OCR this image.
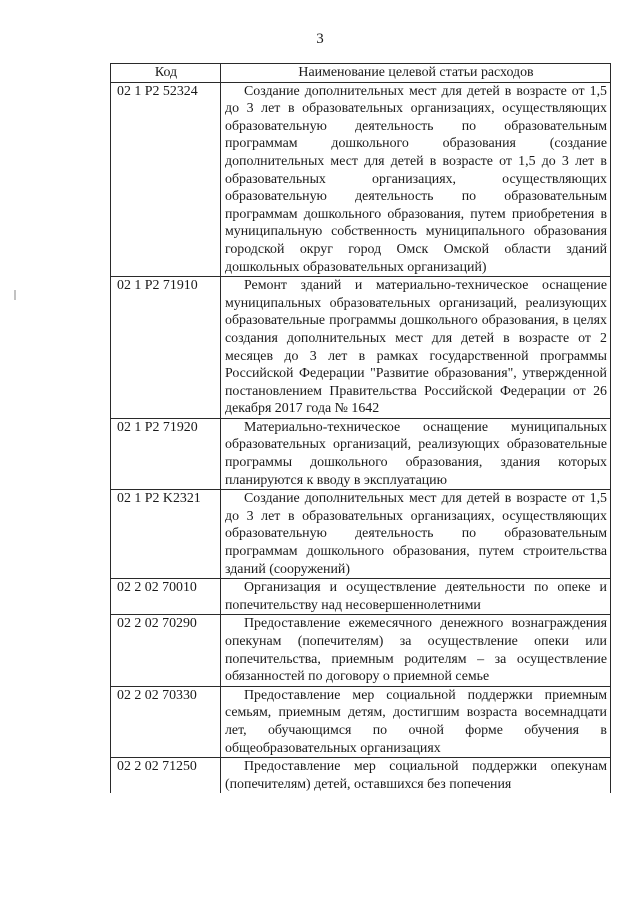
3
Код	Наименование целевой статьи расходов
02 1 P2 52324	Создание дополнительных мест для детей в возрасте от 1,5 до 3 лет в образовательных организациях, осуществляющих образовательную деятельность по образовательным программам дошкольного образования (создание дополнительных мест для детей в возрасте от 1,5 до 3 лет в образовательных организациях, осуществляющих образовательную деятельность по образовательным программам дошкольного образования, путем приобретения в муниципальную собственность муниципального образования городской округ город Омск Омской области зданий дошкольных образовательных организаций)
02 1 P2 71910	Ремонт зданий и материально-техническое оснащение муниципальных образовательных организаций, реализующих образовательные программы дошкольного образования, в целях создания дополнительных мест для детей в возрасте от 2 месяцев до 3 лет в рамках государственной программы Российской Федерации "Развитие образования", утвержденной постановлением Правительства Российской Федерации от 26 декабря 2017 года № 1642
02 1 P2 71920	Материально-техническое оснащение муниципальных образовательных организаций, реализующих образовательные программы дошкольного образования, здания которых планируются к вводу в эксплуатацию
02 1 P2 K2321	Создание дополнительных мест для детей в возрасте от 1,5 до 3 лет в образовательных организациях, осуществляющих образовательную деятельность по образовательным программам дошкольного образования, путем строительства зданий (сооружений)
02 2 02 70010	Организация и осуществление деятельности по опеке и попечительству над несовершеннолетними
02 2 02 70290	Предоставление ежемесячного денежного вознаграждения опекунам (попечителям) за осуществление опеки или попечительства, приемным родителям – за осуществление обязанностей по договору о приемной семье
02 2 02 70330	Предоставление мер социальной поддержки приемным семьям, приемным детям, достигшим возраста восемнадцати лет, обучающимся по очной форме обучения в общеобразовательных организациях
02 2 02 71250	Предоставление мер социальной поддержки опекунам (попечителям) детей, оставшихся без попечения
